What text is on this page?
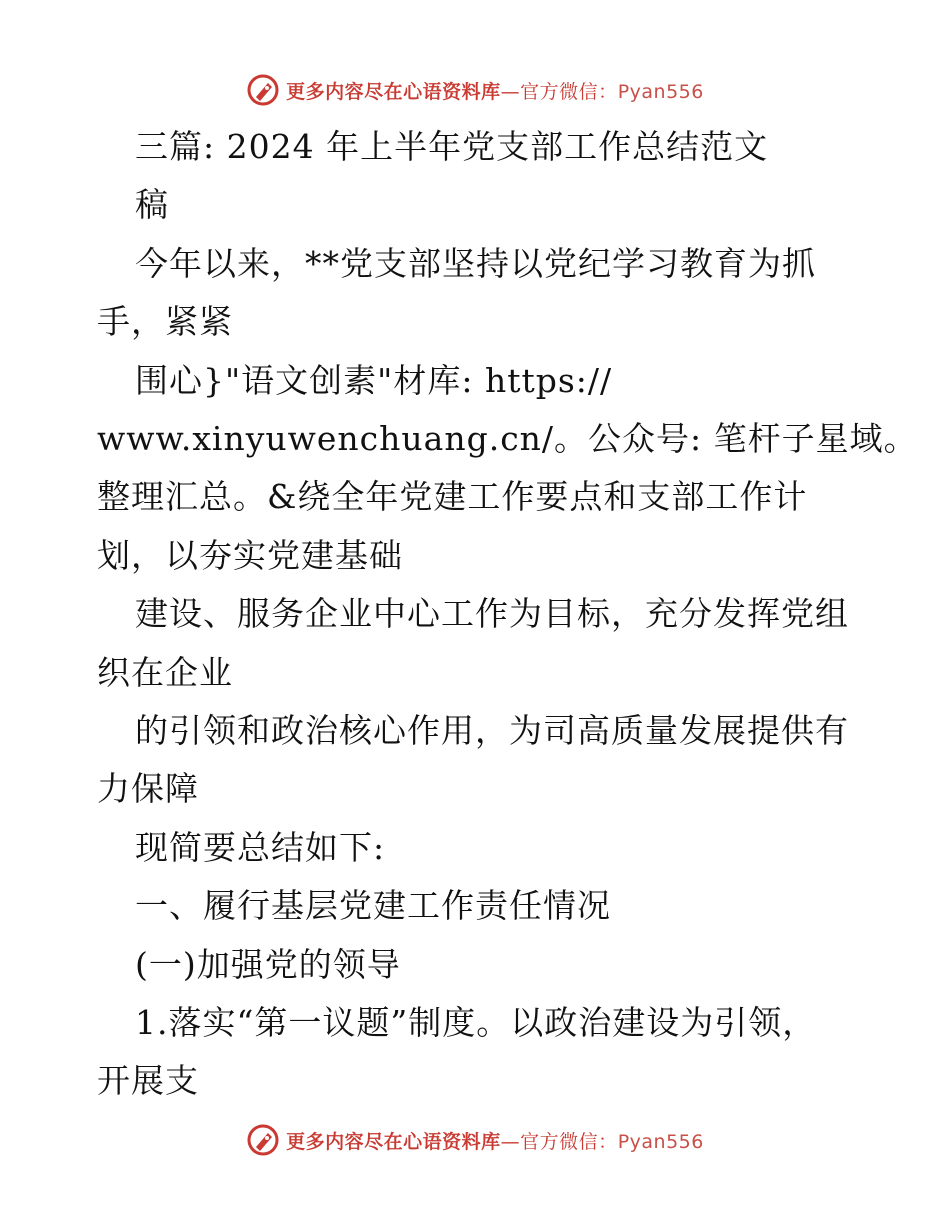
更多内容尽在心语资料库—官方微信：Pyan556
三篇: 2024 年上半年党支部工作总结范文
稿
今年以来，**党支部坚持以党纪学习教育为抓
手，紧紧
围心}"语文创素"材库: https://
www.xinyuwenchuang.cn/。公众号: 笔杆子星域。
整理汇总。&绕全年党建工作要点和支部工作计
划，以夯实党建基础
建设、服务企业中心工作为目标，充分发挥党组
织在企业
的引领和政治核心作用，为司高质量发展提供有
力保障
现简要总结如下:
一、履行基层党建工作责任情况
(一)加强党的领导
1.落实“第一议题”制度。以政治建设为引领，
开展支
更多内容尽在心语资料库—官方微信：Pyan556
